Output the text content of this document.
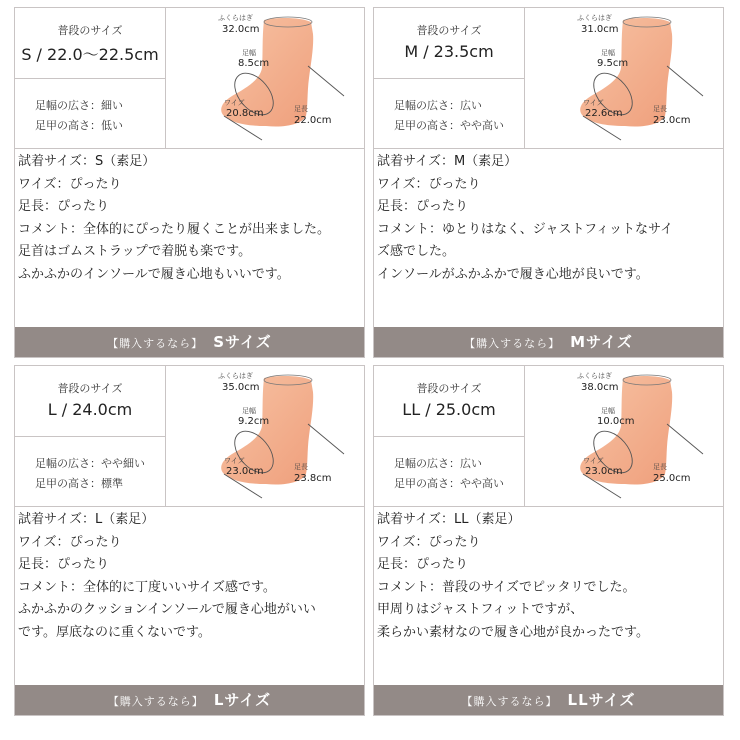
普段のサイズ
S / 22.0〜22.5cm
足幅の広さ：細い
足甲の高さ：低い
ふくらはぎ
32.0cm
足幅
8.5cm
ワイズ
20.8cm	足長
22.0cm
試着サイズ：S（素足）
ワイズ：ぴったり
足長：ぴったり
コメント：全体的にぴったり履くことが出来ました。
足首はゴムストラップで着脱も楽です。
ふかふかのインソールで履き心地もいいです。
【購入するなら】 Sサイズ
普段のサイズ
M / 23.5cm
足幅の広さ：広い
足甲の高さ：やや高い
ふくらはぎ
31.0cm
足幅
9.5cm
ワイズ
22.6cm	足長
23.0cm
試着サイズ：M（素足）
ワイズ：ぴったり
足長：ぴったり
コメント：ゆとりはなく、ジャストフィットなサイ
ズ感でした。
インソールがふかふかで履き心地が良いです。
【購入するなら】 Mサイズ
普段のサイズ
L / 24.0cm
足幅の広さ：やや細い
足甲の高さ：標準
ふくらはぎ
35.0cm
足幅
9.2cm
ワイズ
23.0cm	足長
23.8cm
試着サイズ：L（素足）
ワイズ：ぴったり
足長：ぴったり
コメント：全体的に丁度いいサイズ感です。
ふかふかのクッションインソールで履き心地がいい
です。厚底なのに重くないです。
【購入するなら】 Lサイズ
普段のサイズ
LL / 25.0cm
足幅の広さ：広い
足甲の高さ：やや高い
ふくらはぎ
38.0cm
足幅
10.0cm
ワイズ
23.0cm	足長
25.0cm
試着サイズ：LL（素足）
ワイズ：ぴったり
足長：ぴったり
コメント：普段のサイズでピッタリでした。
甲周りはジャストフィットですが、
柔らかい素材なので履き心地が良かったです。
【購入するなら】 LLサイズ
